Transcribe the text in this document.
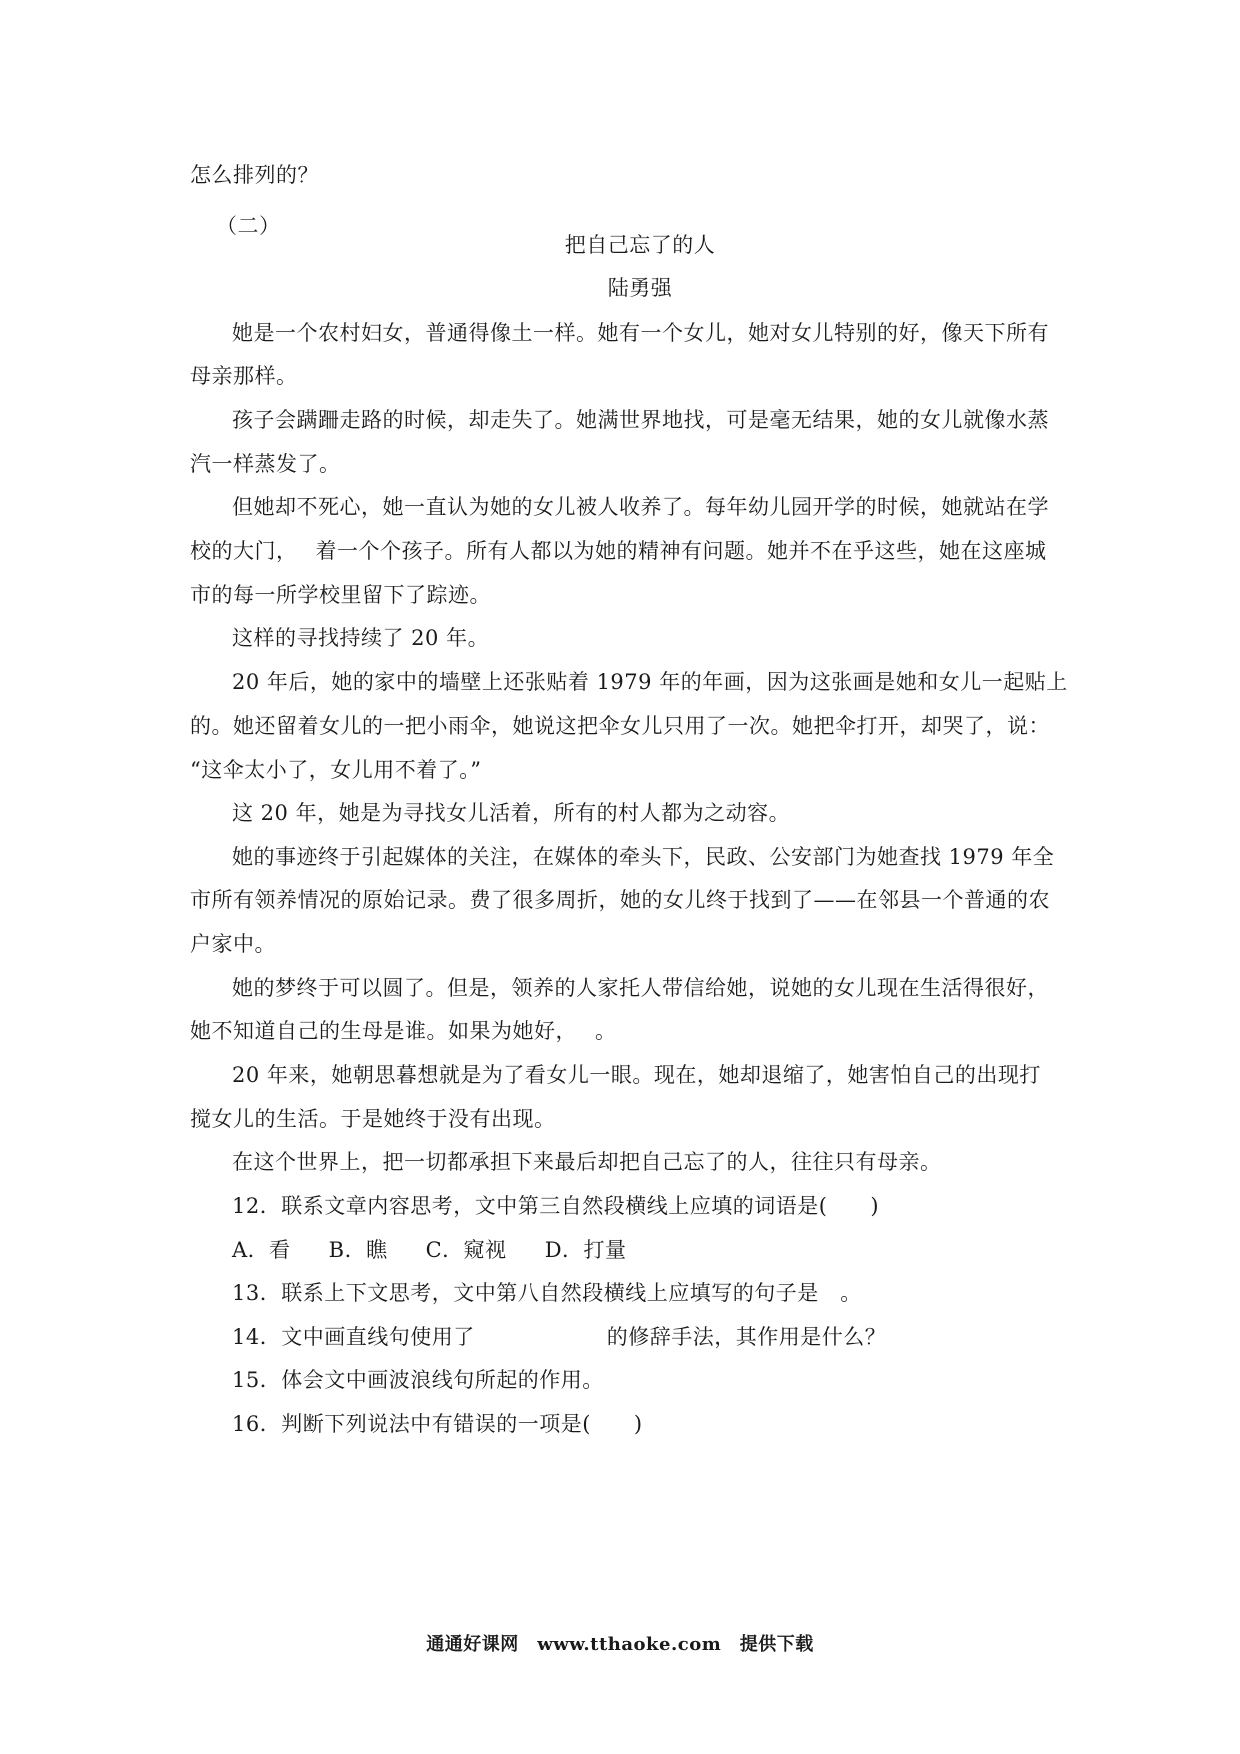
怎么排列的？
（二）
把自己忘了的人
陆勇强
她是一个农村妇女，普通得像土一样。她有一个女儿，她对女儿特别的好，像天下所有
母亲那样。
孩子会蹒跚走路的时候，却走失了。她满世界地找，可是毫无结果，她的女儿就像水蒸
汽一样蒸发了。
但她却不死心，她一直认为她的女儿被人收养了。每年幼儿园开学的时候，她就站在学
校的大门， 着一个个孩子。所有人都以为她的精神有问题。她并不在乎这些，她在这座城
市的每一所学校里留下了踪迹。
这样的寻找持续了 20 年。
20 年后，她的家中的墙壁上还张贴着 1979 年的年画，因为这张画是她和女儿一起贴上
的。她还留着女儿的一把小雨伞，她说这把伞女儿只用了一次。她把伞打开，却哭了，说：
“这伞太小了，女儿用不着了。”
这 20 年，她是为寻找女儿活着，所有的村人都为之动容。
她的事迹终于引起媒体的关注，在媒体的牵头下，民政、公安部门为她查找 1979 年全
市所有领养情况的原始记录。费了很多周折，她的女儿终于找到了——在邻县一个普通的农
户家中。
她的梦终于可以圆了。但是，领养的人家托人带信给她，说她的女儿现在生活得很好，
她不知道自己的生母是谁。如果为她好， 。
20 年来，她朝思暮想就是为了看女儿一眼。现在，她却退缩了，她害怕自己的出现打
搅女儿的生活。于是她终于没有出现。
在这个世界上，把一切都承担下来最后却把自己忘了的人，往往只有母亲。
12．联系文章内容思考，文中第三自然段横线上应填的词语是(　　)
A．看 B．瞧 C．窥视 D．打量
13．联系上下文思考，文中第八自然段横线上应填写的句子是　。
14．文中画直线句使用了	的修辞手法，其作用是什么？
15．体会文中画波浪线句所起的作用。
16．判断下列说法中有错误的一项是(　　)
通通好课网　www.tthaoke.com　提供下载
